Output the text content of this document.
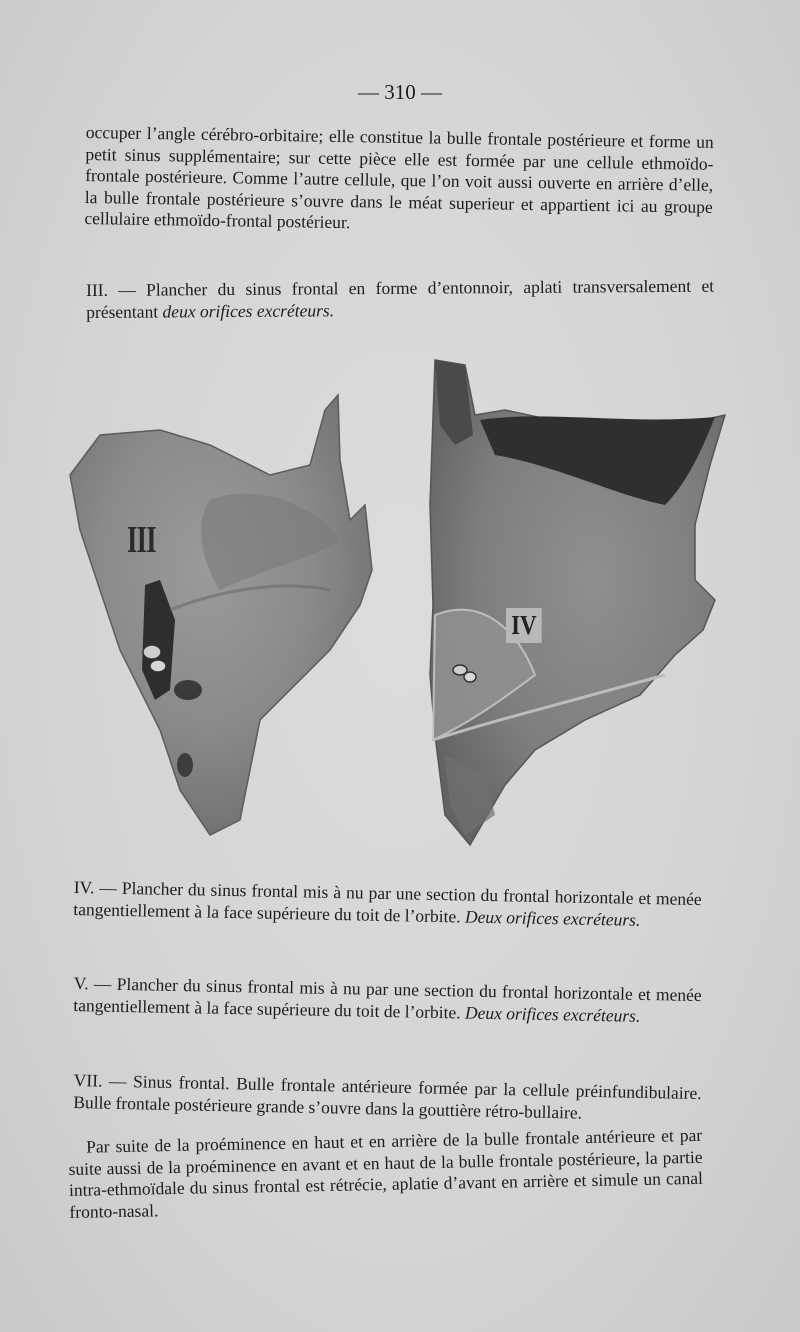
— 310 —

occuper l’angle cérébro-orbitaire; elle constitue la bulle frontale postérieure et forme un petit sinus supplémentaire; sur cette pièce elle est formée par une cellule ethmoïdo-frontale postérieure. Comme l’autre cellule, que l’on voit aussi ouverte en arrière d’elle, la bulle frontale postérieure s’ouvre dans le méat superieur et appartient ici au groupe cellulaire ethmoïdo-frontal postérieur.

III. — Plancher du sinus frontal en forme d’entonnoir, aplati transversalement et présentant deux orifices excréteurs.

III
IV

IV. — Plancher du sinus frontal mis à nu par une section du frontal horizontale et menée tangentiellement à la face supérieure du toit de l’orbite. Deux orifices excréteurs.

V. — Plancher du sinus frontal mis à nu par une section du frontal horizontale et menée tangentiellement à la face supérieure du toit de l’orbite. Deux orifices excréteurs.

VII. — Sinus frontal. Bulle frontale antérieure formée par la cellule préinfundibulaire. Bulle frontale postérieure grande s’ouvre dans la gouttière rétro-bullaire.

Par suite de la proéminence en haut et en arrière de la bulle frontale antérieure et par suite aussi de la proéminence en avant et en haut de la bulle frontale postérieure, la partie intra-ethmoïdale du sinus frontal est rétrécie, aplatie d’avant en arrière et simule un canal fronto-nasal.
